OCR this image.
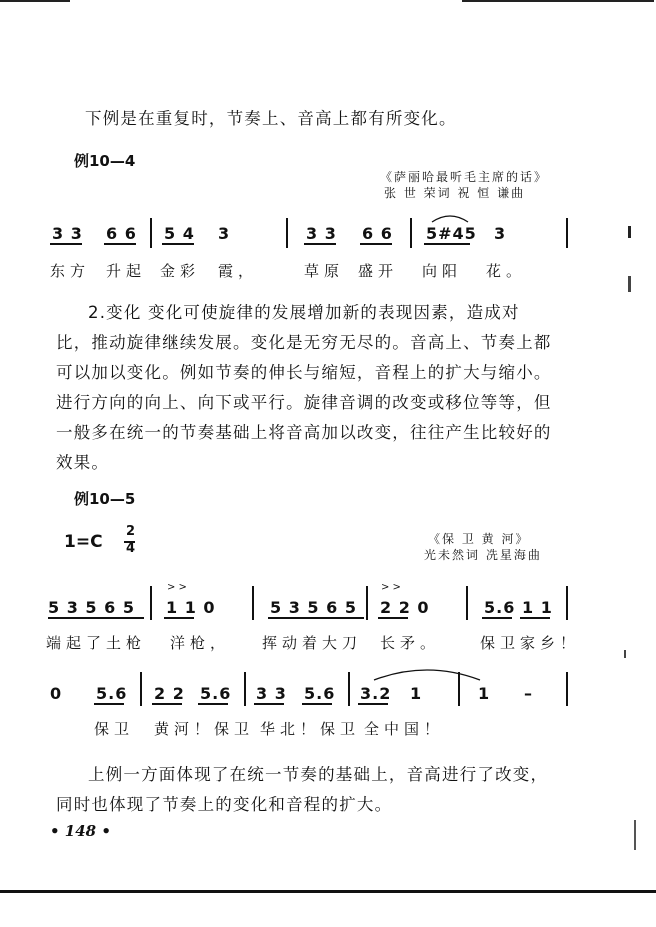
下例是在重复时，节奏上、音高上都有所变化。
例10—4
《萨丽哈最听毛主席的话》
张 世 荣词 祝 恒 谦曲
3 3 6 6 5 4 3	3 3 6 6 5#45 3
东方 升起 金彩 霞，	草原 盛开 向阳 花。
2.变化 变化可使旋律的发展增加新的表现因素，造成对
比，推动旋律继续发展。变化是无穷无尽的。音高上、节奏上都
可以加以变化。例如节奏的伸长与缩短，音程上的扩大与缩小。
进行方向的向上、向下或平行。旋律音调的改变或移位等等，但
一般多在统一的节奏基础上将音高加以改变，往往产生比较好的
效果。
例10—5
1=C
2
4
《保 卫 黄 河》
光未然词 冼星海曲
5 3 5 6 5 1 1 0
> >
5 3 5 6 5 2 2 0
> >
5.6 1 1
端起了土枪 洋枪， 挥动着大刀 长矛。	保卫家乡！
0 5.6 2 2 5.6 3 3 5.6 3.2 1	1 –
保卫 黄河！保卫 华北！保卫 全中国！
上例一方面体现了在统一节奏的基础上，音高进行了改变，
同时也体现了节奏上的变化和音程的扩大。
• 148 •
